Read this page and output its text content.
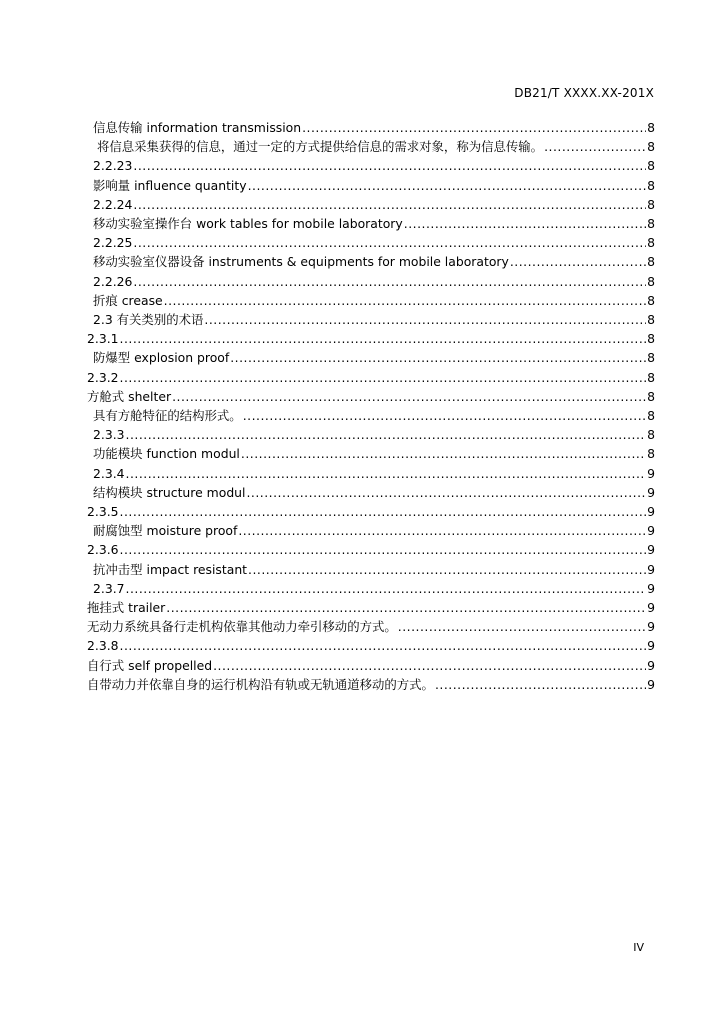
DB21/T XXXX.XX-201X
信息传输 information transmission .....	8
将信息采集获得的信息，通过一定的方式提供给信息的需求对象，称为信息传输。 .....	8
2.2.23 .....	8
影响量 influence quantity .....	8
2.2.24 .....	8
移动实验室操作台 work tables for mobile laboratory .....	8
2.2.25 .....	8
移动实验室仪器设备 instruments & equipments for mobile laboratory .....	8
2.2.26 .....	8
折痕 crease .....	8
2.3 有关类别的术语 .....	8
2.3.1 .....	8
防爆型 explosion proof .....	8
2.3.2 .....	8
方舱式 shelter .....	8
具有方舱特征的结构形式。 .....	8
2.3.3 .....	8
功能模块 function modul .....	8
2.3.4 .....	9
结构模块 structure modul .....	9
2.3.5 .....	9
耐腐蚀型 moisture proof .....	9
2.3.6 .....	9
抗冲击型 impact resistant .....	9
2.3.7 .....	9
拖挂式 trailer .....	9
无动力系统具备行走机构依靠其他动力牵引移动的方式。 .....	9
2.3.8 .....	9
自行式 self propelled .....	9
自带动力并依靠自身的运行机构沿有轨或无轨通道移动的方式。 .....	9
IV
